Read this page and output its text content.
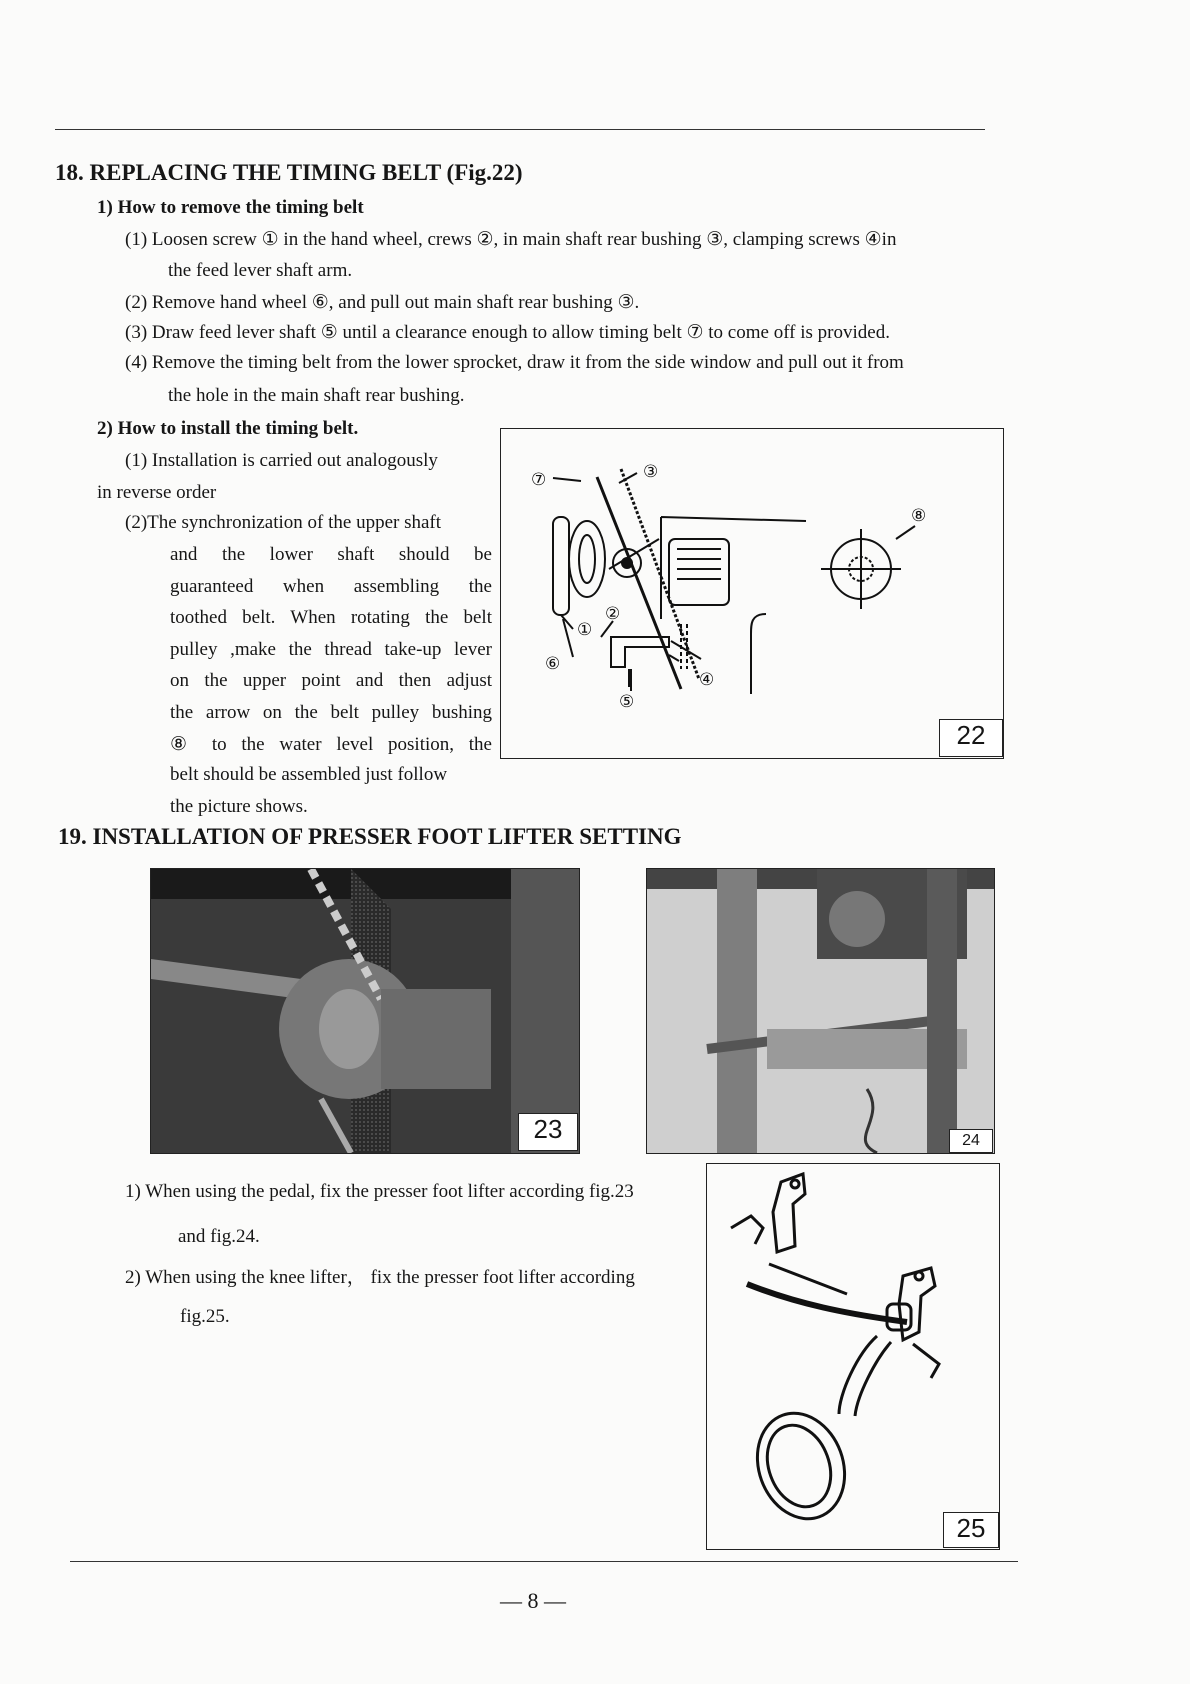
18. REPLACING THE TIMING BELT (Fig.22)
1) How to remove the timing belt
(1) Loosen screw ① in the hand wheel, crews ②, in main shaft rear bushing ③, clamping screws ④in
the feed lever shaft arm.
(2) Remove hand wheel ⑥, and pull out main shaft rear bushing ③.
(3) Draw feed lever shaft ⑤ until a clearance enough to allow timing belt ⑦ to come off is provided.
(4) Remove the timing belt from the lower sprocket, draw it from the side window and pull out it from
the hole in the main shaft rear bushing.
2) How to install the timing belt.
(1) Installation is carried out analogously
in reverse order
(2)The synchronization of the upper shaft
and the lower shaft should be
guaranteed when assembling the
toothed belt. When rotating the belt
pulley ,make the thread take-up lever
on the upper point and then adjust
the arrow on the belt pulley bushing
⑧ to the water level position, the
belt should be assembled just follow
the picture shows.
⑦	③
⑧
①
②
⑥
④
⑤
22
19. INSTALLATION OF PRESSER FOOT LIFTER SETTING
23	24
1) When using the pedal, fix the presser foot lifter according fig.23
and fig.24.
2) When using the knee lifter， fix the presser foot lifter according
fig.25.
25
— 8 —
